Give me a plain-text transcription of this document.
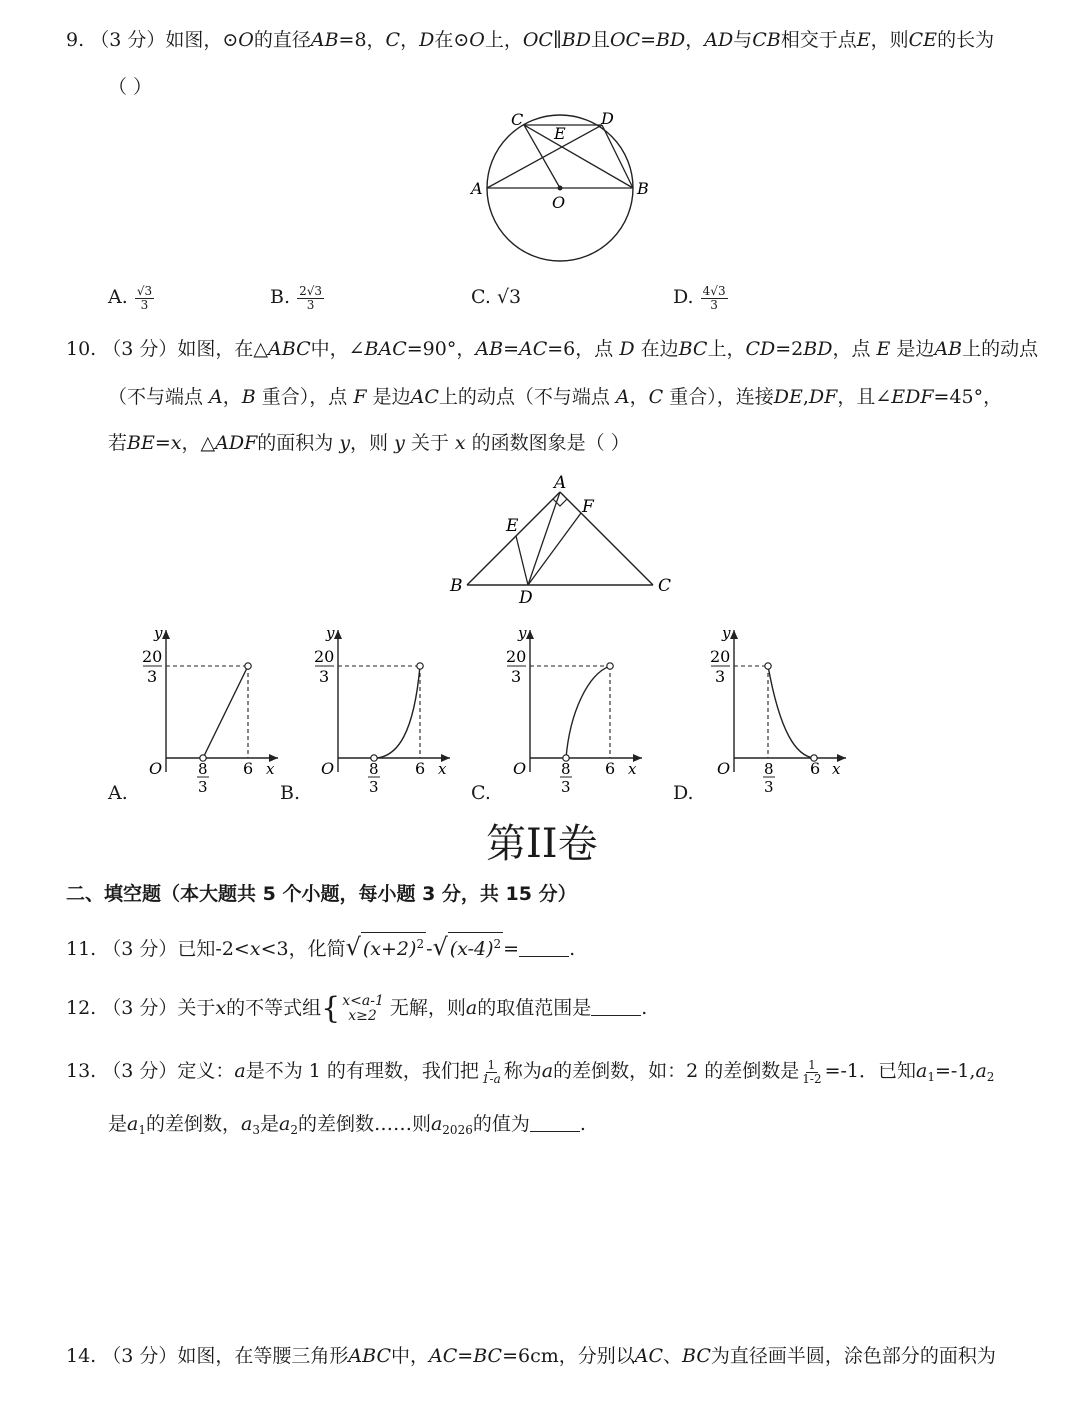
9. （3 分）如图，⊙O的直径AB=8，C，D在⊙O上，OC∥BD且OC=BD，AD与CB相交于点E，则CE的长为
（ ）
A	B
C	D
E
O
A. $\frac{√3}{3}$	B. $\frac{2√3}{3}$	C. √3	D. $\frac{4√3}{3}$
10. （3 分）如图，在△ABC中，∠BAC=90°，AB=AC=6，点 D 在边BC上，CD=2BD，点 E 是边AB上的动点
（不与端点 A，B 重合），点 F 是边AC上的动点（不与端点 A，C 重合），连接DE,DF，且∠EDF=45°，
若BE=x，△ADF的面积为 y，则 y 关于 x 的函数图象是（ ）
A
B	C
D
E
F
y
20
3
O 8
3
6 x
y
20
3
O 8
3
6 x
y
20
3
O 8
3
6 x
y
20
3
O 8
3
6 x
A.	B.	C.	D.
第II卷
二、填空题（本大题共 5 个小题，每小题 3 分，共 15 分）
11. （3 分）已知-2<x<3，化简√ $(x+2)^2$ -√ $(x-4)^2$ =	.
12. （3 分）关于x的不等式组 { x<a-1
x≥2 无解，则a的取值范围是	.
13. （3 分）定义：a是不为 1 的有理数，我们把 $\frac{1}{1-a}$ 称为a的差倒数，如：2 的差倒数是 $\frac{1}{1-2} =-1$．已知$a_1=-1,a_2$
是$a_1$的差倒数，$a_3$是$a_2$的差倒数……则$a_{2026}$的值为	.
14. （3 分）如图，在等腰三角形ABC中，AC=BC=6cm，分别以AC、BC为直径画半圆，涂色部分的面积为
